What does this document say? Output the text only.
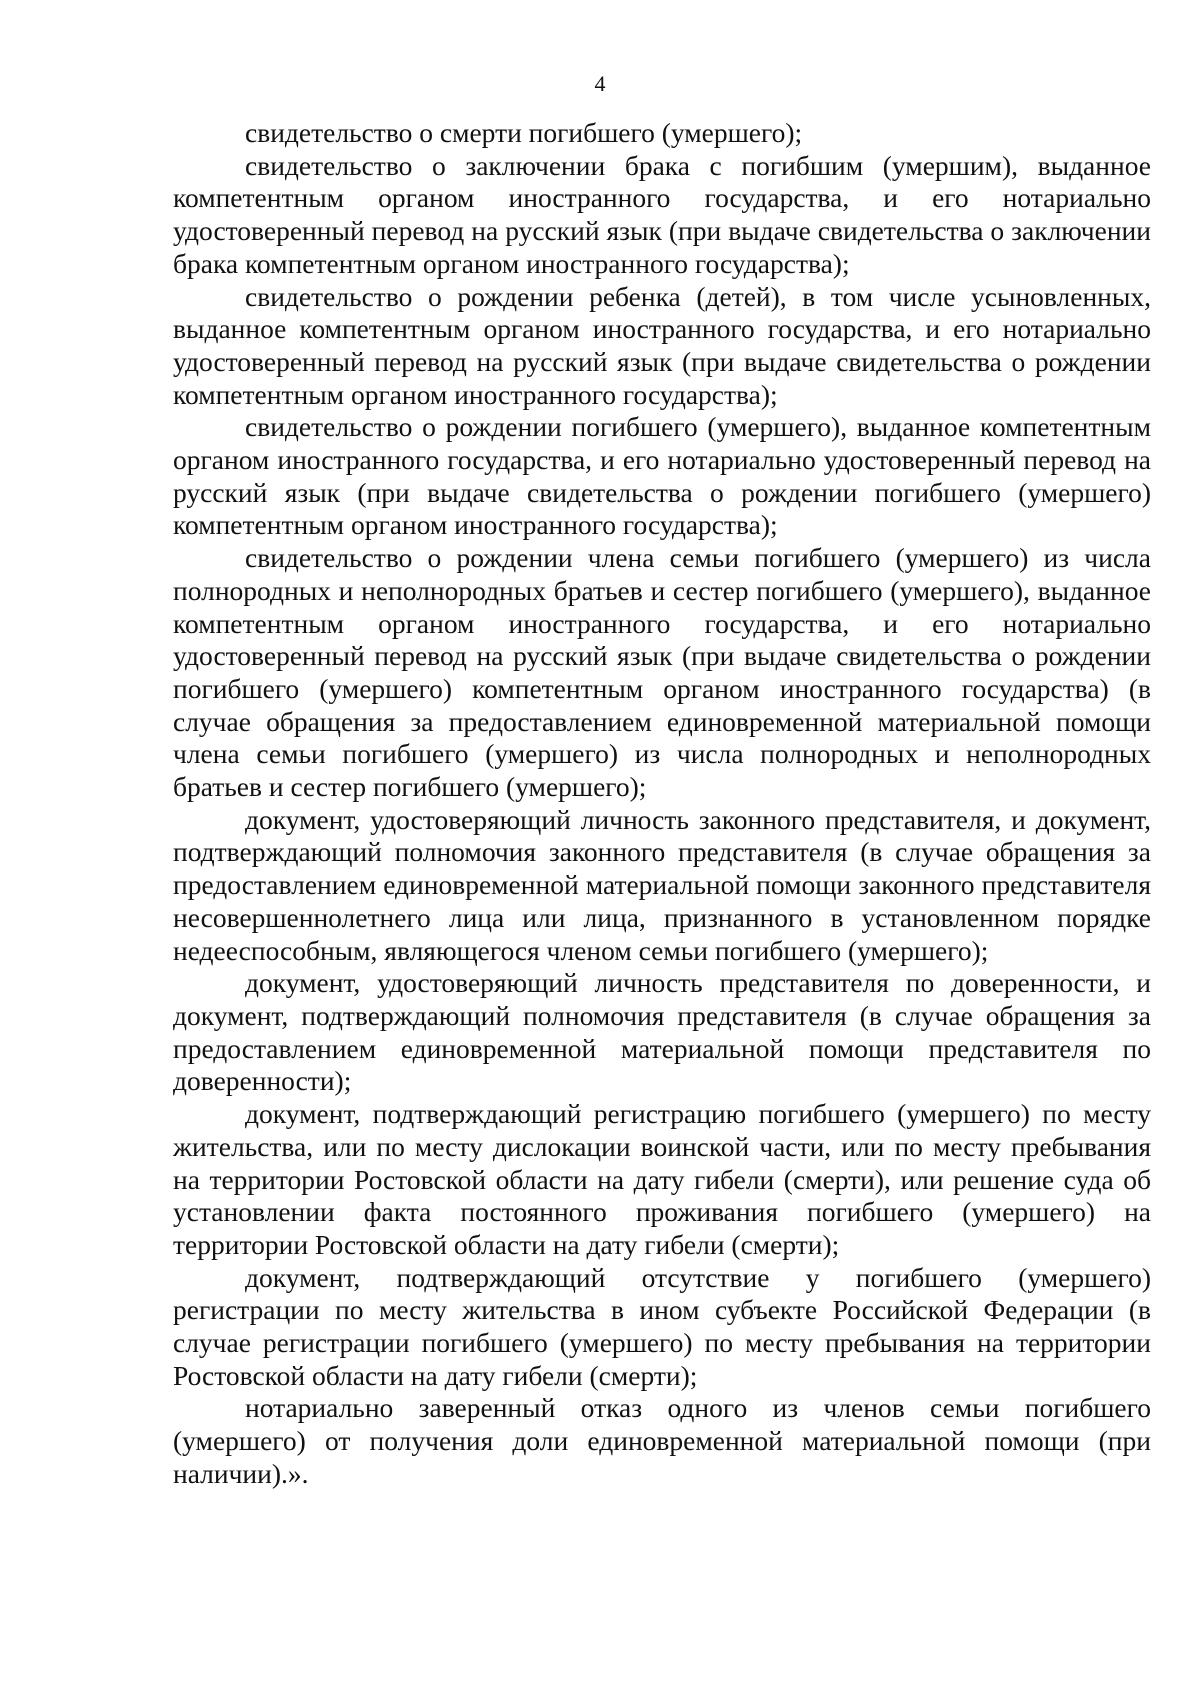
4

свидетельство о смерти погибшего (умершего);

свидетельство о заключении брака с погибшим (умершим), выданное компетентным органом иностранного государства, и его нотариально удостоверенный перевод на русский язык (при выдаче свидетельства о заключении брака компетентным органом иностранного государства);

свидетельство о рождении ребенка (детей), в том числе усыновленных, выданное компетентным органом иностранного государства, и его нотариально удостоверенный перевод на русский язык (при выдаче свидетельства о рождении компетентным органом иностранного государства);

свидетельство о рождении погибшего (умершего), выданное компетентным органом иностранного государства, и его нотариально удостоверенный перевод на русский язык (при выдаче свидетельства о рождении погибшего (умершего) компетентным органом иностранного государства);

свидетельство о рождении члена семьи погибшего (умершего) из числа полнородных и неполнородных братьев и сестер погибшего (умершего), выданное компетентным органом иностранного государства, и его нотариально удостоверенный перевод на русский язык (при выдаче свидетельства о рождении погибшего (умершего) компетентным органом иностранного государства) (в случае обращения за предоставлением единовременной материальной помощи члена семьи погибшего (умершего) из числа полнородных и неполнородных братьев и сестер погибшего (умершего);

документ, удостоверяющий личность законного представителя, и документ, подтверждающий полномочия законного представителя (в случае обращения за предоставлением единовременной материальной помощи законного представителя несовершеннолетнего лица или лица, признанного в установленном порядке недееспособным, являющегося членом семьи погибшего (умершего);

документ, удостоверяющий личность представителя по доверенности, и документ, подтверждающий полномочия представителя (в случае обращения за предоставлением единовременной материальной помощи представителя по доверенности);

документ, подтверждающий регистрацию погибшего (умершего) по месту жительства, или по месту дислокации воинской части, или по месту пребывания на территории Ростовской области на дату гибели (смерти), или решение суда об установлении факта постоянного проживания погибшего (умершего) на территории Ростовской области на дату гибели (смерти);

документ, подтверждающий отсутствие у погибшего (умершего) регистрации по месту жительства в ином субъекте Российской Федерации (в случае регистрации погибшего (умершего) по месту пребывания на территории Ростовской области на дату гибели (смерти);

нотариально заверенный отказ одного из членов семьи погибшего (умершего) от получения доли единовременной материальной помощи (при наличии).».
